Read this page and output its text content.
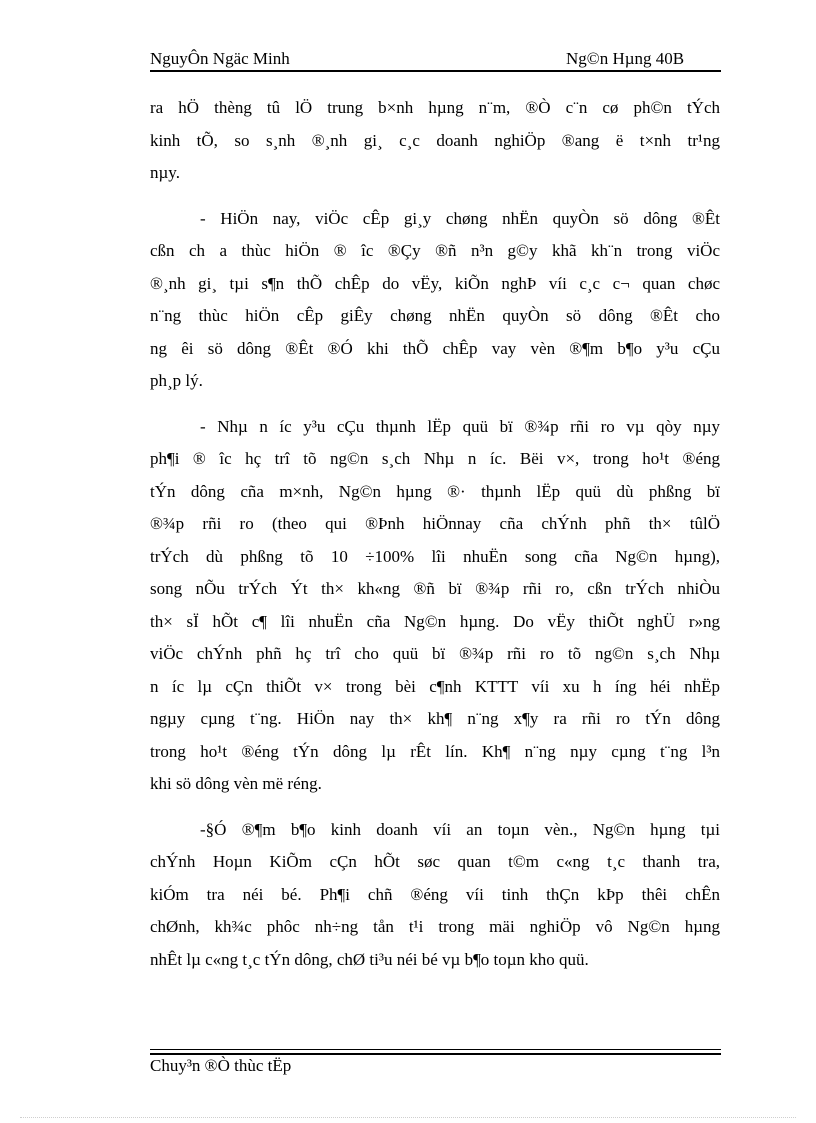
NguyÔn Ngäc Minh	Ng©n Hµng 40B
ra hÖ thèng tû lÖ trung b×nh hµng n¨m, ®Ò c¨n cø ph©n tÝch
kinh tÕ, so s¸nh ®¸nh gi¸ c¸c doanh nghiÖp ®ang ë t×nh tr¹ng
nµy.
- HiÖn nay, viÖc cÊp gi¸y chøng nhËn quyÒn sö dông ®Êt
cßn ch a thùc hiÖn ® îc ®Çy ®ñ n³n g©y khã kh¨n trong viÖc
®¸nh gi¸ tµi s¶n thÕ chÊp do vËy, kiÕn nghÞ víi c¸c c¬ quan chøc
n¨ng thùc hiÖn cÊp giÊy chøng nhËn quyÒn sö dông ®Êt cho
ng êi sö dông ®Êt ®Ó khi thÕ chÊp vay vèn ®¶m b¶o y³u cÇu
ph¸p lý.
- Nhµ n íc y³u cÇu thµnh lËp quü bï ®¾p rñi ro vµ qòy nµy
ph¶i ® îc hç trî tõ ng©n s¸ch Nhµ n íc. Bëi v×, trong ho¹t ®éng
tÝn dông cña m×nh, Ng©n hµng ®· thµnh lËp quü dù phßng bï
®¾p rñi ro (theo qui ®Þnh hiÖnnay cña chÝnh phñ th× tûlÖ
trÝch dù phßng tõ 10 ÷100% lîi nhuËn song cña Ng©n hµng),
song nÕu trÝch Ýt th× kh«ng ®ñ bï ®¾p rñi ro, cßn trÝch nhiÒu
th× sÏ hÕt c¶ lîi nhuËn cña Ng©n hµng. Do vËy thiÕt nghÜ r»ng
viÖc chÝnh phñ hç trî cho quü bï ®¾p rñi ro tõ ng©n s¸ch Nhµ
n íc lµ cÇn thiÕt v× trong bèi c¶nh KTTT víi xu h íng héi nhËp
ngµy cµng t¨ng. HiÖn nay th× kh¶ n¨ng x¶y ra rñi ro tÝn dông
trong ho¹t ®éng tÝn dông lµ rÊt lín. Kh¶ n¨ng nµy cµng t¨ng l³n
khi sö dông vèn më réng.
-§Ó ®¶m b¶o kinh doanh víi an toµn vèn., Ng©n hµng tµi
chÝnh Hoµn KiÕm cÇn hÕt søc quan t©m c«ng t¸c thanh tra,
kiÓm tra néi bé. Ph¶i chñ ®éng víi tinh thÇn kÞp thêi chÊn
chØnh, kh¾c phôc nh÷ng tån t¹i trong mäi nghiÖp vô Ng©n hµng
nhÊt lµ c«ng t¸c tÝn dông, chØ ti³u néi bé vµ b¶o toµn kho quü.
Chuy³n ®Ò thùc tËp
